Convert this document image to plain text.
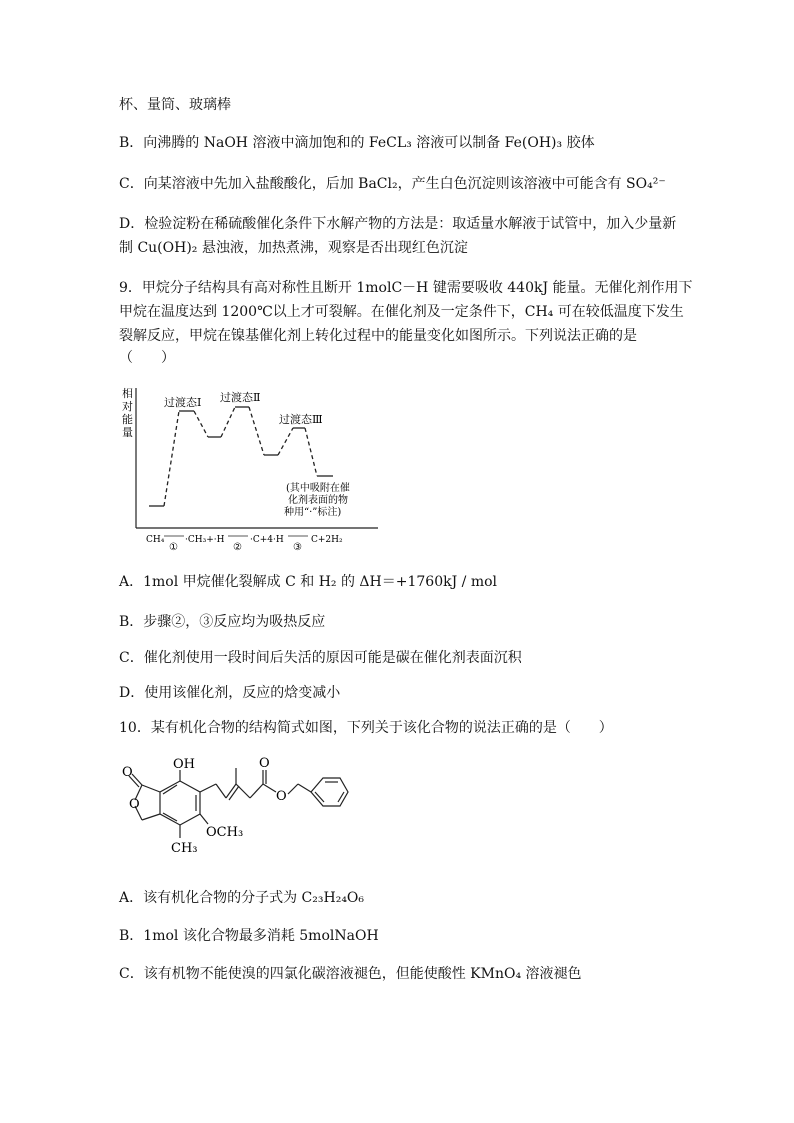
杯、量筒、玻璃棒
B．向沸腾的 NaOH 溶液中滴加饱和的 FeCL₃ 溶液可以制备 Fe(OH)₃ 胶体
C．向某溶液中先加入盐酸酸化，后加 BaCl₂，产生白色沉淀则该溶液中可能含有 SO₄²⁻
D．检验淀粉在稀硫酸催化条件下水解产物的方法是：取适量水解液于试管中，加入少量新
制 Cu(OH)₂ 悬浊液，加热煮沸，观察是否出现红色沉淀
9．甲烷分子结构具有高对称性且断开 1molC－H 键需要吸收 440kJ 能量。无催化剂作用下
甲烷在温度达到 1200℃以上才可裂解。在催化剂及一定条件下，CH₄ 可在较低温度下发生
裂解反应，甲烷在镍基催化剂上转化过程中的能量变化如图所示。下列说法正确的是
（　　）
相
对
能
量
过渡态Ⅰ 过渡态Ⅱ
过渡态Ⅲ
(其中吸附在催
化剂表面的物
种用“·”标注)
CH₄
①
·CH₃+·H
②
·C+4·H
③
C+2H₂
A．1mol 甲烷催化裂解成 C 和 H₂ 的 ΔH＝+1760kJ / mol
B．步骤②，③反应均为吸热反应
C．催化剂使用一段时间后失活的原因可能是碳在催化剂表面沉积
D．使用该催化剂，反应的焓变减小
10．某有机化合物的结构简式如图，下列关于该化合物的说法正确的是（　　）
O
O
OH
OCH₃
CH₃
O
O
A．该有机化合物的分子式为 C₂₃H₂₄O₆
B．1mol 该化合物最多消耗 5molNaOH
C．该有机物不能使溴的四氯化碳溶液褪色，但能使酸性 KMnO₄ 溶液褪色
